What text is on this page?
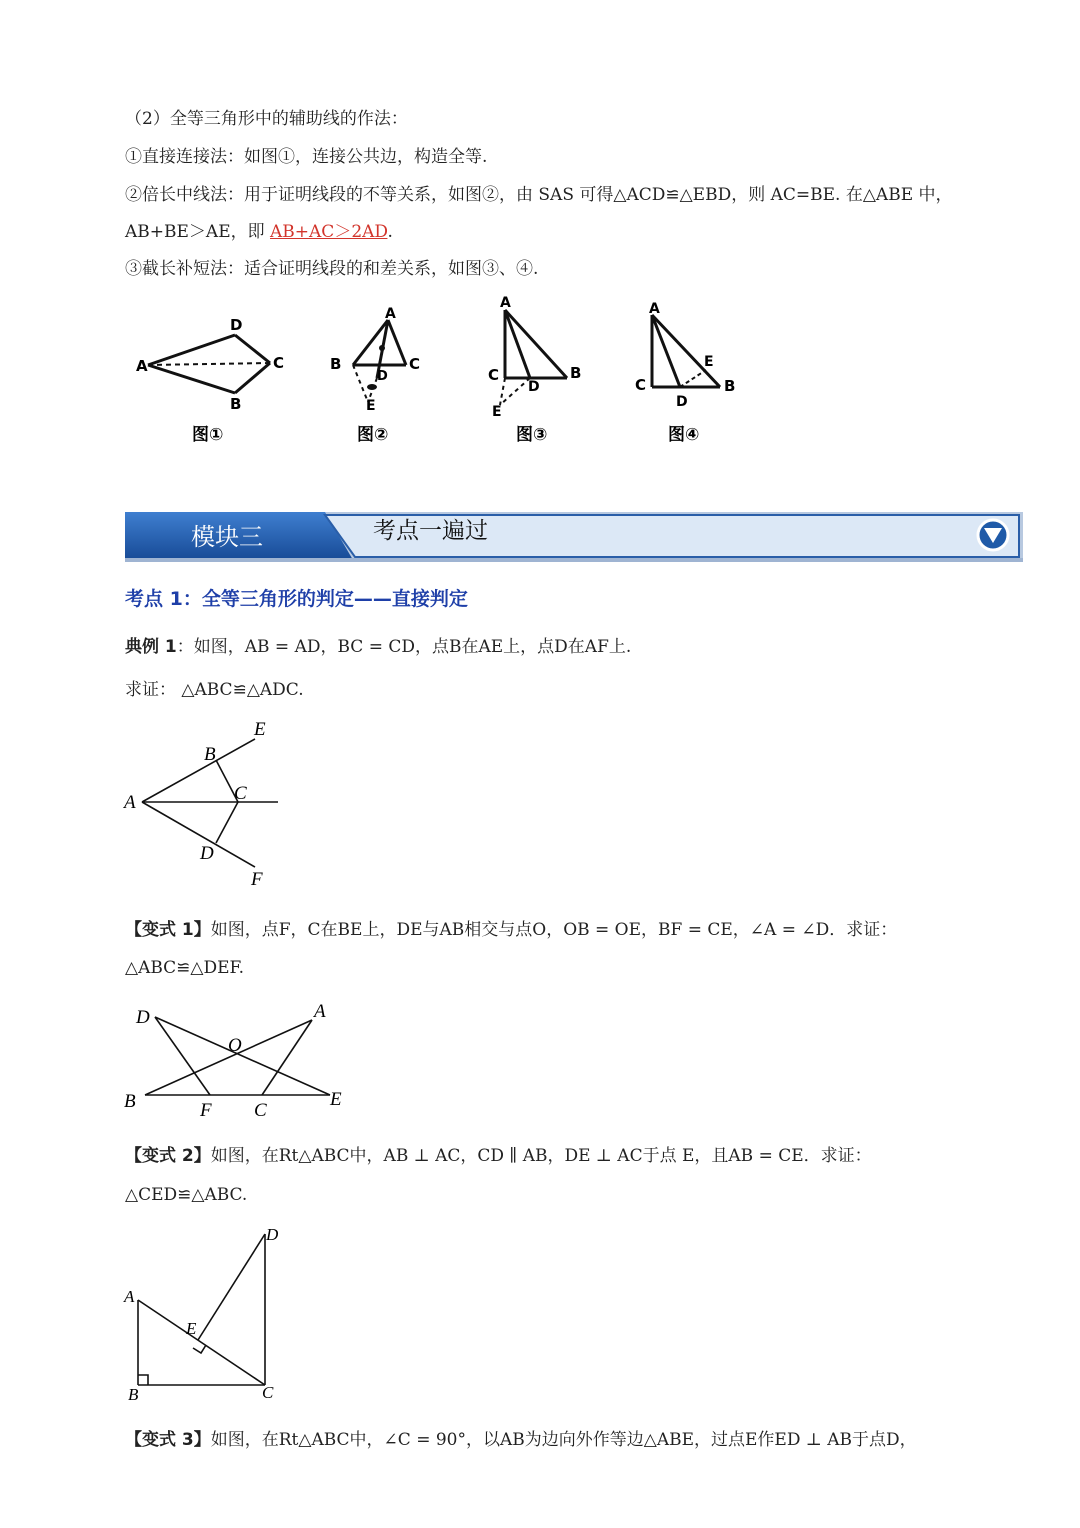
（2）全等三角形中的辅助线的作法：
①直接连接法：如图①，连接公共边，构造全等.
②倍长中线法：用于证明线段的不等关系，如图②，由 SAS 可得△ACD≌△EBD，则 AC=BE. 在△ABE 中，
AB+BE＞AE，即 AB+AC＞2AD.
③截长补短法：适合证明线段的和差关系，如图③、④.
A
D
C
B
图①
A
B	C
D
E
图②
A
C
D
B
E
图③
A
E
C
D
B
图④
模块三	考点一遍过
考点 1：全等三角形的判定——直接判定
典例 1：如图，AB = AD，BC = CD，点B在AE上，点D在AF上.
求证： △ABC≌△ADC.
E
B
C
A
D
F
【变式 1】如图，点F，C在BE上，DE与AB相交与点O，OB = OE，BF = CE，∠A = ∠D．求证：
△ABC≌△DEF.
D	A
O
B	F C
E
【变式 2】如图，在Rt△ABC中，AB ⊥ AC，CD ∥ AB，DE ⊥ AC于点 E，且AB = CE．求证：
△CED≌△ABC.
D
A
E
B	C
【变式 3】如图，在Rt△ABC中，∠C = 90°，以AB为边向外作等边△ABE，过点E作ED ⊥ AB于点D，
